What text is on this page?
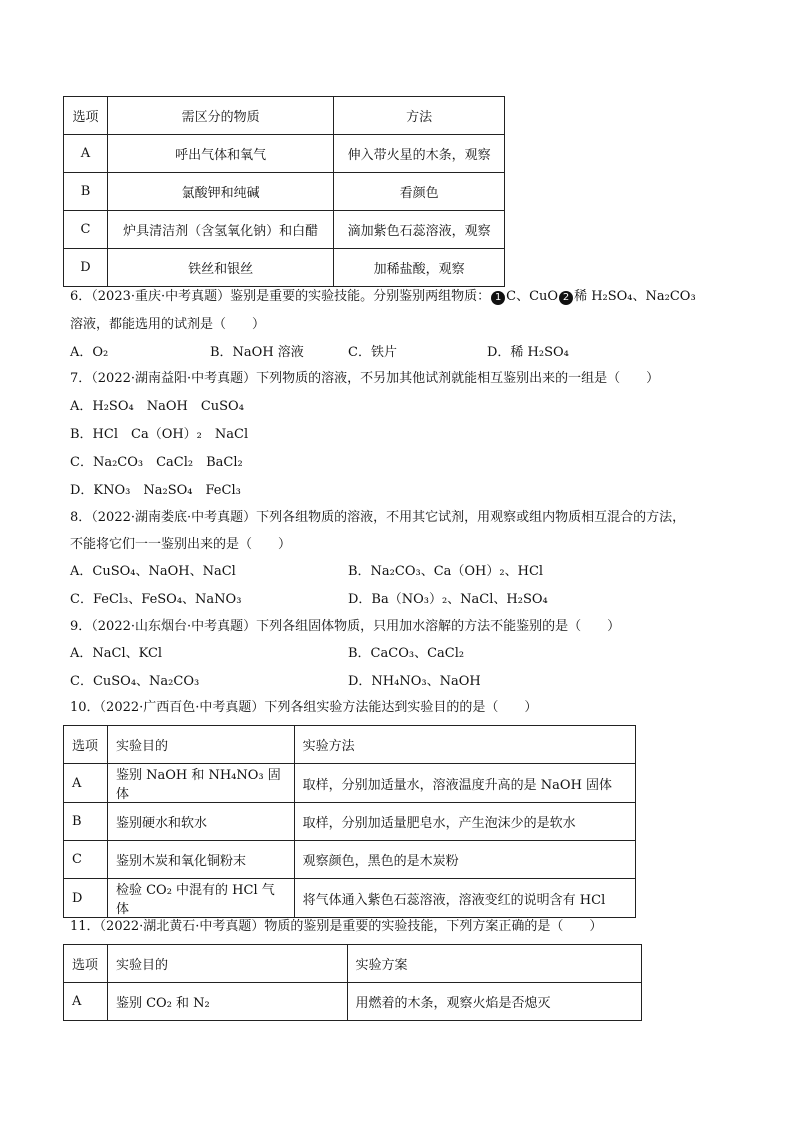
选项	需区分的物质	方法
A	呼出气体和氧气	伸入带火星的木条，观察
B	氯酸钾和纯碱	看颜色
C	炉具清洁剂（含氢氧化钠）和白醋	滴加紫色石蕊溶液，观察
D	铁丝和银丝	加稀盐酸，观察
6．（2023·重庆·中考真题）鉴别是重要的实验技能。分别鉴别两组物质： 1 C、CuO 2 稀 H₂SO₄、Na₂CO₃
溶液，都能选用的试剂是（　　）
A．O₂	B．NaOH 溶液	C．铁片	D．稀 H₂SO₄
7．（2022·湖南益阳·中考真题）下列物质的溶液，不另加其他试剂就能相互鉴别出来的一组是（　　）
A．H₂SO₄　NaOH　CuSO₄
B．HCl　Ca（OH）₂　NaCl
C．Na₂CO₃　CaCl₂　BaCl₂
D．KNO₃　Na₂SO₄　FeCl₃
8．（2022·湖南娄底·中考真题）下列各组物质的溶液，不用其它试剂，用观察或组内物质相互混合的方法，
不能将它们一一鉴别出来的是（　　）
A．CuSO₄、NaOH、NaCl	B．Na₂CO₃、Ca（OH）₂、HCl
C．FeCl₃、FeSO₄、NaNO₃	D．Ba（NO₃）₂、NaCl、H₂SO₄
9．（2022·山东烟台·中考真题）下列各组固体物质，只用加水溶解的方法不能鉴别的是（　　）
A．NaCl、KCl	B．CaCO₃、CaCl₂
C．CuSO₄、Na₂CO₃	D．NH₄NO₃、NaOH
10．（2022·广西百色·中考真题）下列各组实验方法能达到实验目的的是（　　）
选项	实验目的	实验方法
A	鉴别 NaOH 和 NH₄NO₃ 固体	取样，分别加适量水，溶液温度升高的是 NaOH 固体
B	鉴别硬水和软水	取样，分别加适量肥皂水，产生泡沫少的是软水
C	鉴别木炭和氧化铜粉末	观察颜色，黑色的是木炭粉
D	检验 CO₂ 中混有的 HCl 气体	将气体通入紫色石蕊溶液，溶液变红的说明含有 HCl
11．（2022·湖北黄石·中考真题）物质的鉴别是重要的实验技能，下列方案正确的是（　　）
选项	实验目的	实验方案
A	鉴别 CO₂ 和 N₂	用燃着的木条，观察火焰是否熄灭
